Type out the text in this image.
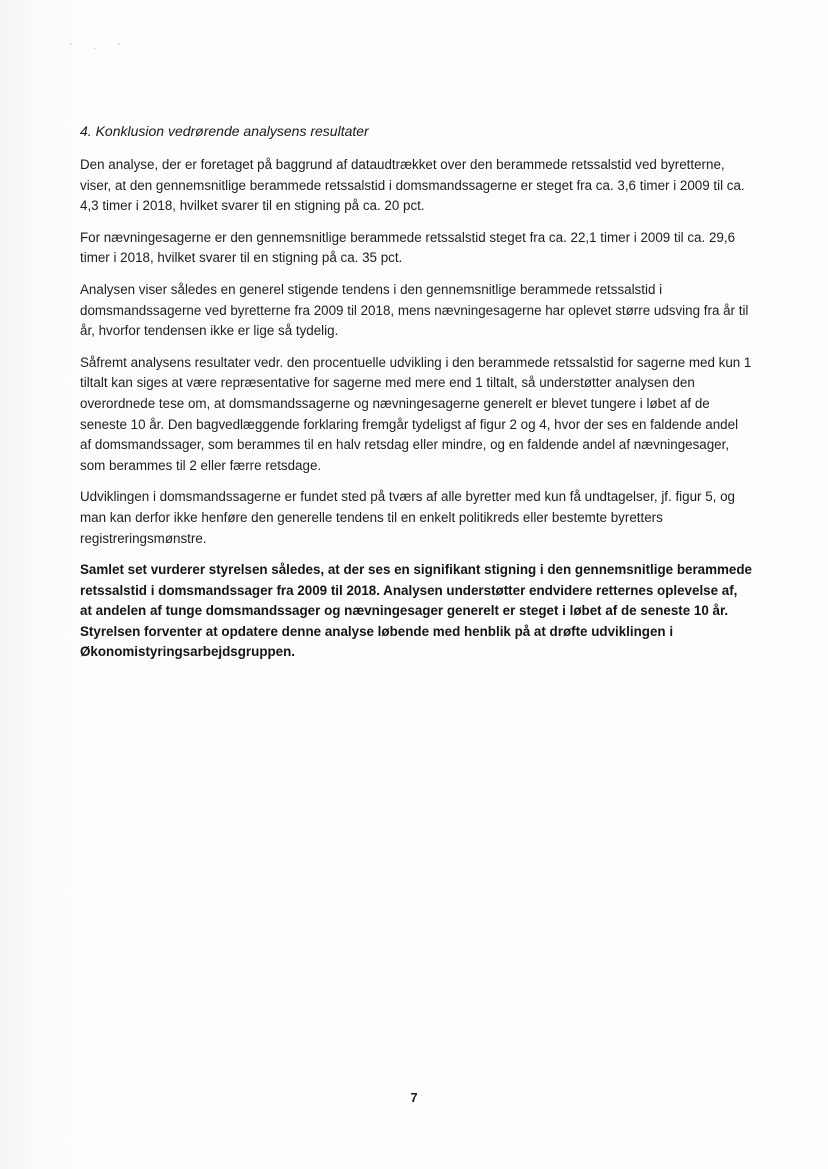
' . '
4. Konklusion vedrørende analysens resultater

Den analyse, der er foretaget på baggrund af dataudtrækket over den berammede retssalstid ved byretterne, viser, at den gennemsnitlige berammede retssalstid i domsmandssagerne er steget fra ca. 3,6 timer i 2009 til ca. 4,3 timer i 2018, hvilket svarer til en stigning på ca. 20 pct.

For nævningesagerne er den gennemsnitlige berammede retssalstid steget fra ca. 22,1 timer i 2009 til ca. 29,6 timer i 2018, hvilket svarer til en stigning på ca. 35 pct.

Analysen viser således en generel stigende tendens i den gennemsnitlige berammede retssalstid i domsmandssagerne ved byretterne fra 2009 til 2018, mens nævningesagerne har oplevet større udsving fra år til år, hvorfor tendensen ikke er lige så tydelig.

Såfremt analysens resultater vedr. den procentuelle udvikling i den berammede retssalstid for sagerne med kun 1 tiltalt kan siges at være repræsentative for sagerne med mere end 1 tiltalt, så understøtter analysen den overordnede tese om, at domsmandssagerne og nævningesagerne generelt er blevet tungere i løbet af de seneste 10 år. Den bagvedlæggende forklaring fremgår tydeligst af figur 2 og 4, hvor der ses en faldende andel af domsmandssager, som berammes til en halv retsdag eller mindre, og en faldende andel af nævningesager, som berammes til 2 eller færre retsdage.

Udviklingen i domsmandssagerne er fundet sted på tværs af alle byretter med kun få undtagelser, jf. figur 5, og man kan derfor ikke henføre den generelle tendens til en enkelt politikreds eller bestemte byretters registreringsmønstre.

Samlet set vurderer styrelsen således, at der ses en signifikant stigning i den gennemsnitlige berammede retssalstid i domsmandssager fra 2009 til 2018. Analysen understøtter endvidere retternes oplevelse af, at andelen af tunge domsmandssager og nævningesager generelt er steget i løbet af de seneste 10 år. Styrelsen forventer at opdatere denne analyse løbende med henblik på at drøfte udviklingen i Økonomistyringsarbejdsgruppen.

7
